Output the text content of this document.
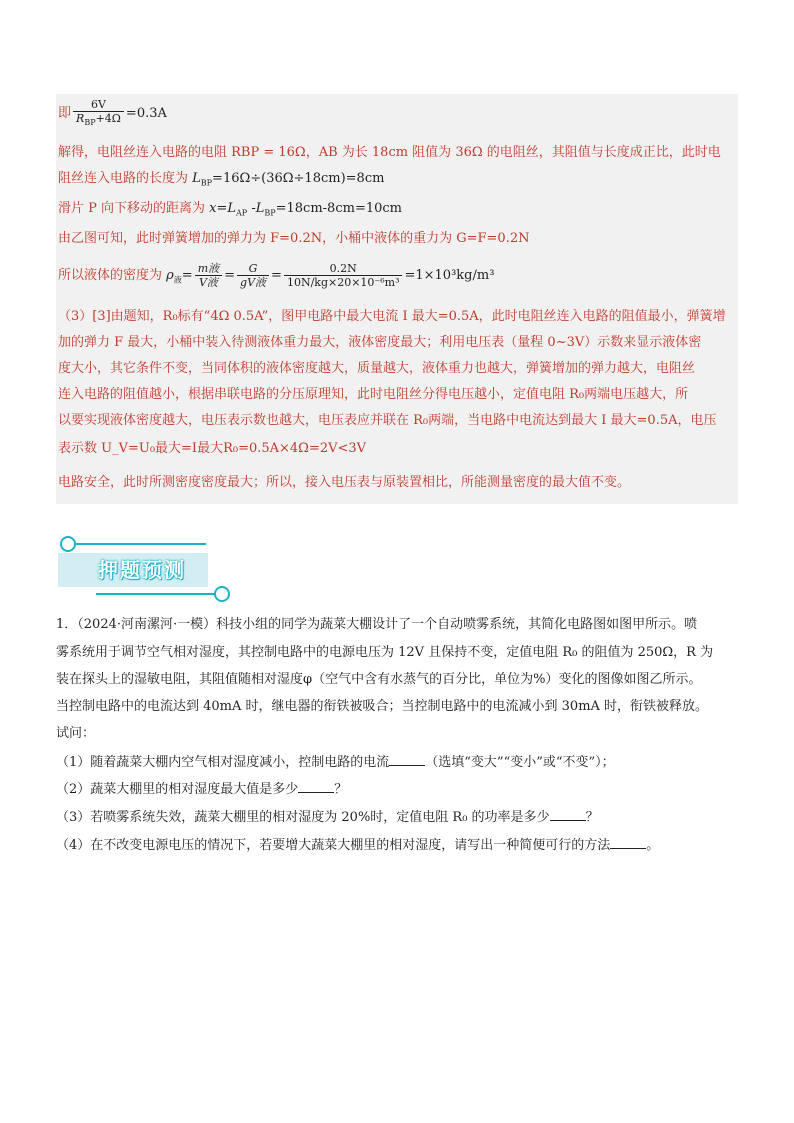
即 $\frac{6V}{R_{BP}+4\Omega} =0.3A$
解得，电阻丝连入电路的电阻 RBP = 16Ω，AB 为长 18cm 阻值为 36Ω 的电阻丝，其阻值与长度成正比，此时电
阻丝连入电路的长度为 $L_{BP}=16\Omega\div(36\Omega\div 18cm)=8cm$
滑片 P 向下移动的距离为 $x=L_{AP}$ $-L_{BP}=18cm-8cm=10cm$
由乙图可知，此时弹簧增加的弹力为 F=0.2N，小桶中液体的重力为 G=F=0.2N
所以液体的密度为 $\rho_液= \frac{\text{m液}}{\text{V液}} = \frac{G}{\text{gV液}} = \frac{0.2N}{\text{10N/kg×20×10⁻⁶m³}} =1\times 10^3kg/m^3$
（3）[3]由题知，R₀标有“4Ω 0.5A”，图甲电路中最大电流 I 最大=0.5A，此时电阻丝连入电路的阻值最小，弹簧增
加的弹力 F 最大，小桶中装入待测液体重力最大，液体密度最大；利用电压表（量程 0~3V）示数来显示液体密
度大小，其它条件不变，当同体积的液体密度越大，质量越大，液体重力也越大，弹簧增加的弹力越大，电阻丝
连入电路的阻值越小，根据串联电路的分压原理知，此时电阻丝分得电压越小，定值电阻 R₀两端电压越大，所
以要实现液体密度越大，电压表示数也越大，电压表应并联在 R₀两端，当电路中电流达到最大 I 最大=0.5A，电压
表示数 U_V=U₀最大=I最大R₀=0.5A×4Ω=2V<3V
电路安全，此时所测密度密度最大；所以，接入电压表与原装置相比，所能测量密度的最大值不变。
押题预测
1．（2024·河南漯河·一模）科技小组的同学为蔬菜大棚设计了一个自动喷雾系统，其简化电路图如图甲所示。喷
雾系统用于调节空气相对湿度，其控制电路中的电源电压为 12V 且保持不变，定值电阻 R₀ 的阻值为 250Ω，R 为
装在探头上的湿敏电阻，其阻值随相对湿度φ（空气中含有水蒸气的百分比，单位为%）变化的图像如图乙所示。
当控制电路中的电流达到 40mA 时，继电器的衔铁被吸合；当控制电路中的电流减小到 30mA 时，衔铁被释放。
试问：
（1）随着蔬菜大棚内空气相对湿度减小，控制电路的电流	（选填“变大”“变小”或“不变”）；
（2）蔬菜大棚里的相对湿度最大值是多少	？
（3）若喷雾系统失效，蔬菜大棚里的相对湿度为 20%时，定值电阻 R₀ 的功率是多少	？
（4）在不改变电源电压的情况下，若要增大蔬菜大棚里的相对湿度，请写出一种简便可行的方法	。
